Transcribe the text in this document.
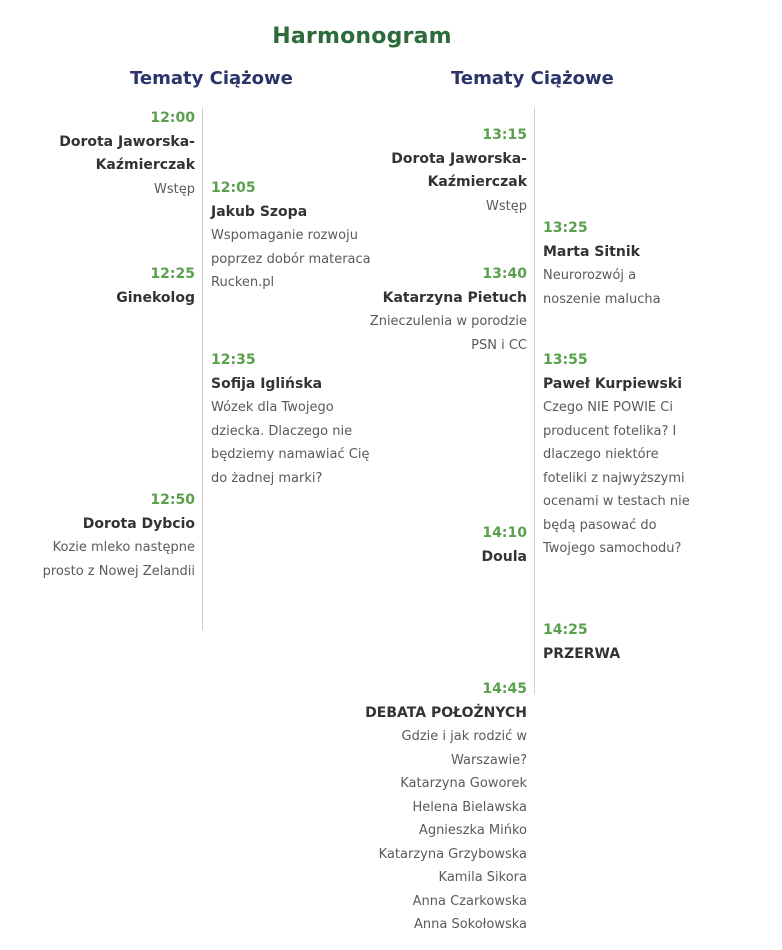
Harmonogram
Tematy Ciążowe	Tematy Ciążowe
12:00
Dorota Jaworska-
Kaźmierczak
Wstęp
12:25
Ginekolog
12:50
Dorota Dybcio
Kozie mleko następne
prosto z Nowej Zelandii
12:05
Jakub Szopa
Wspomaganie rozwoju
poprzez dobór materaca
Rucken.pl
12:35
Sofija Iglińska
Wózek dla Twojego
dziecka. Dlaczego nie
będziemy namawiać Cię
do żadnej marki?
13:15
Dorota Jaworska-
Kaźmierczak
Wstęp
13:40
Katarzyna Pietuch
Znieczulenia w porodzie
PSN i CC
14:10
Doula
14:45
DEBATA POŁOŻNYCH
Gdzie i jak rodzić w
Warszawie?
Katarzyna Goworek
Helena Bielawska
Agnieszka Mińko
Katarzyna Grzybowska
Kamila Sikora
Anna Czarkowska
Anna Sokołowska
13:25
Marta Sitnik
Neurorozwój a
noszenie malucha
13:55
Paweł Kurpiewski
Czego NIE POWIE Ci
producent fotelika? I
dlaczego niektóre
foteliki z najwyższymi
ocenami w testach nie
będą pasować do
Twojego samochodu?
14:25
PRZERWA
